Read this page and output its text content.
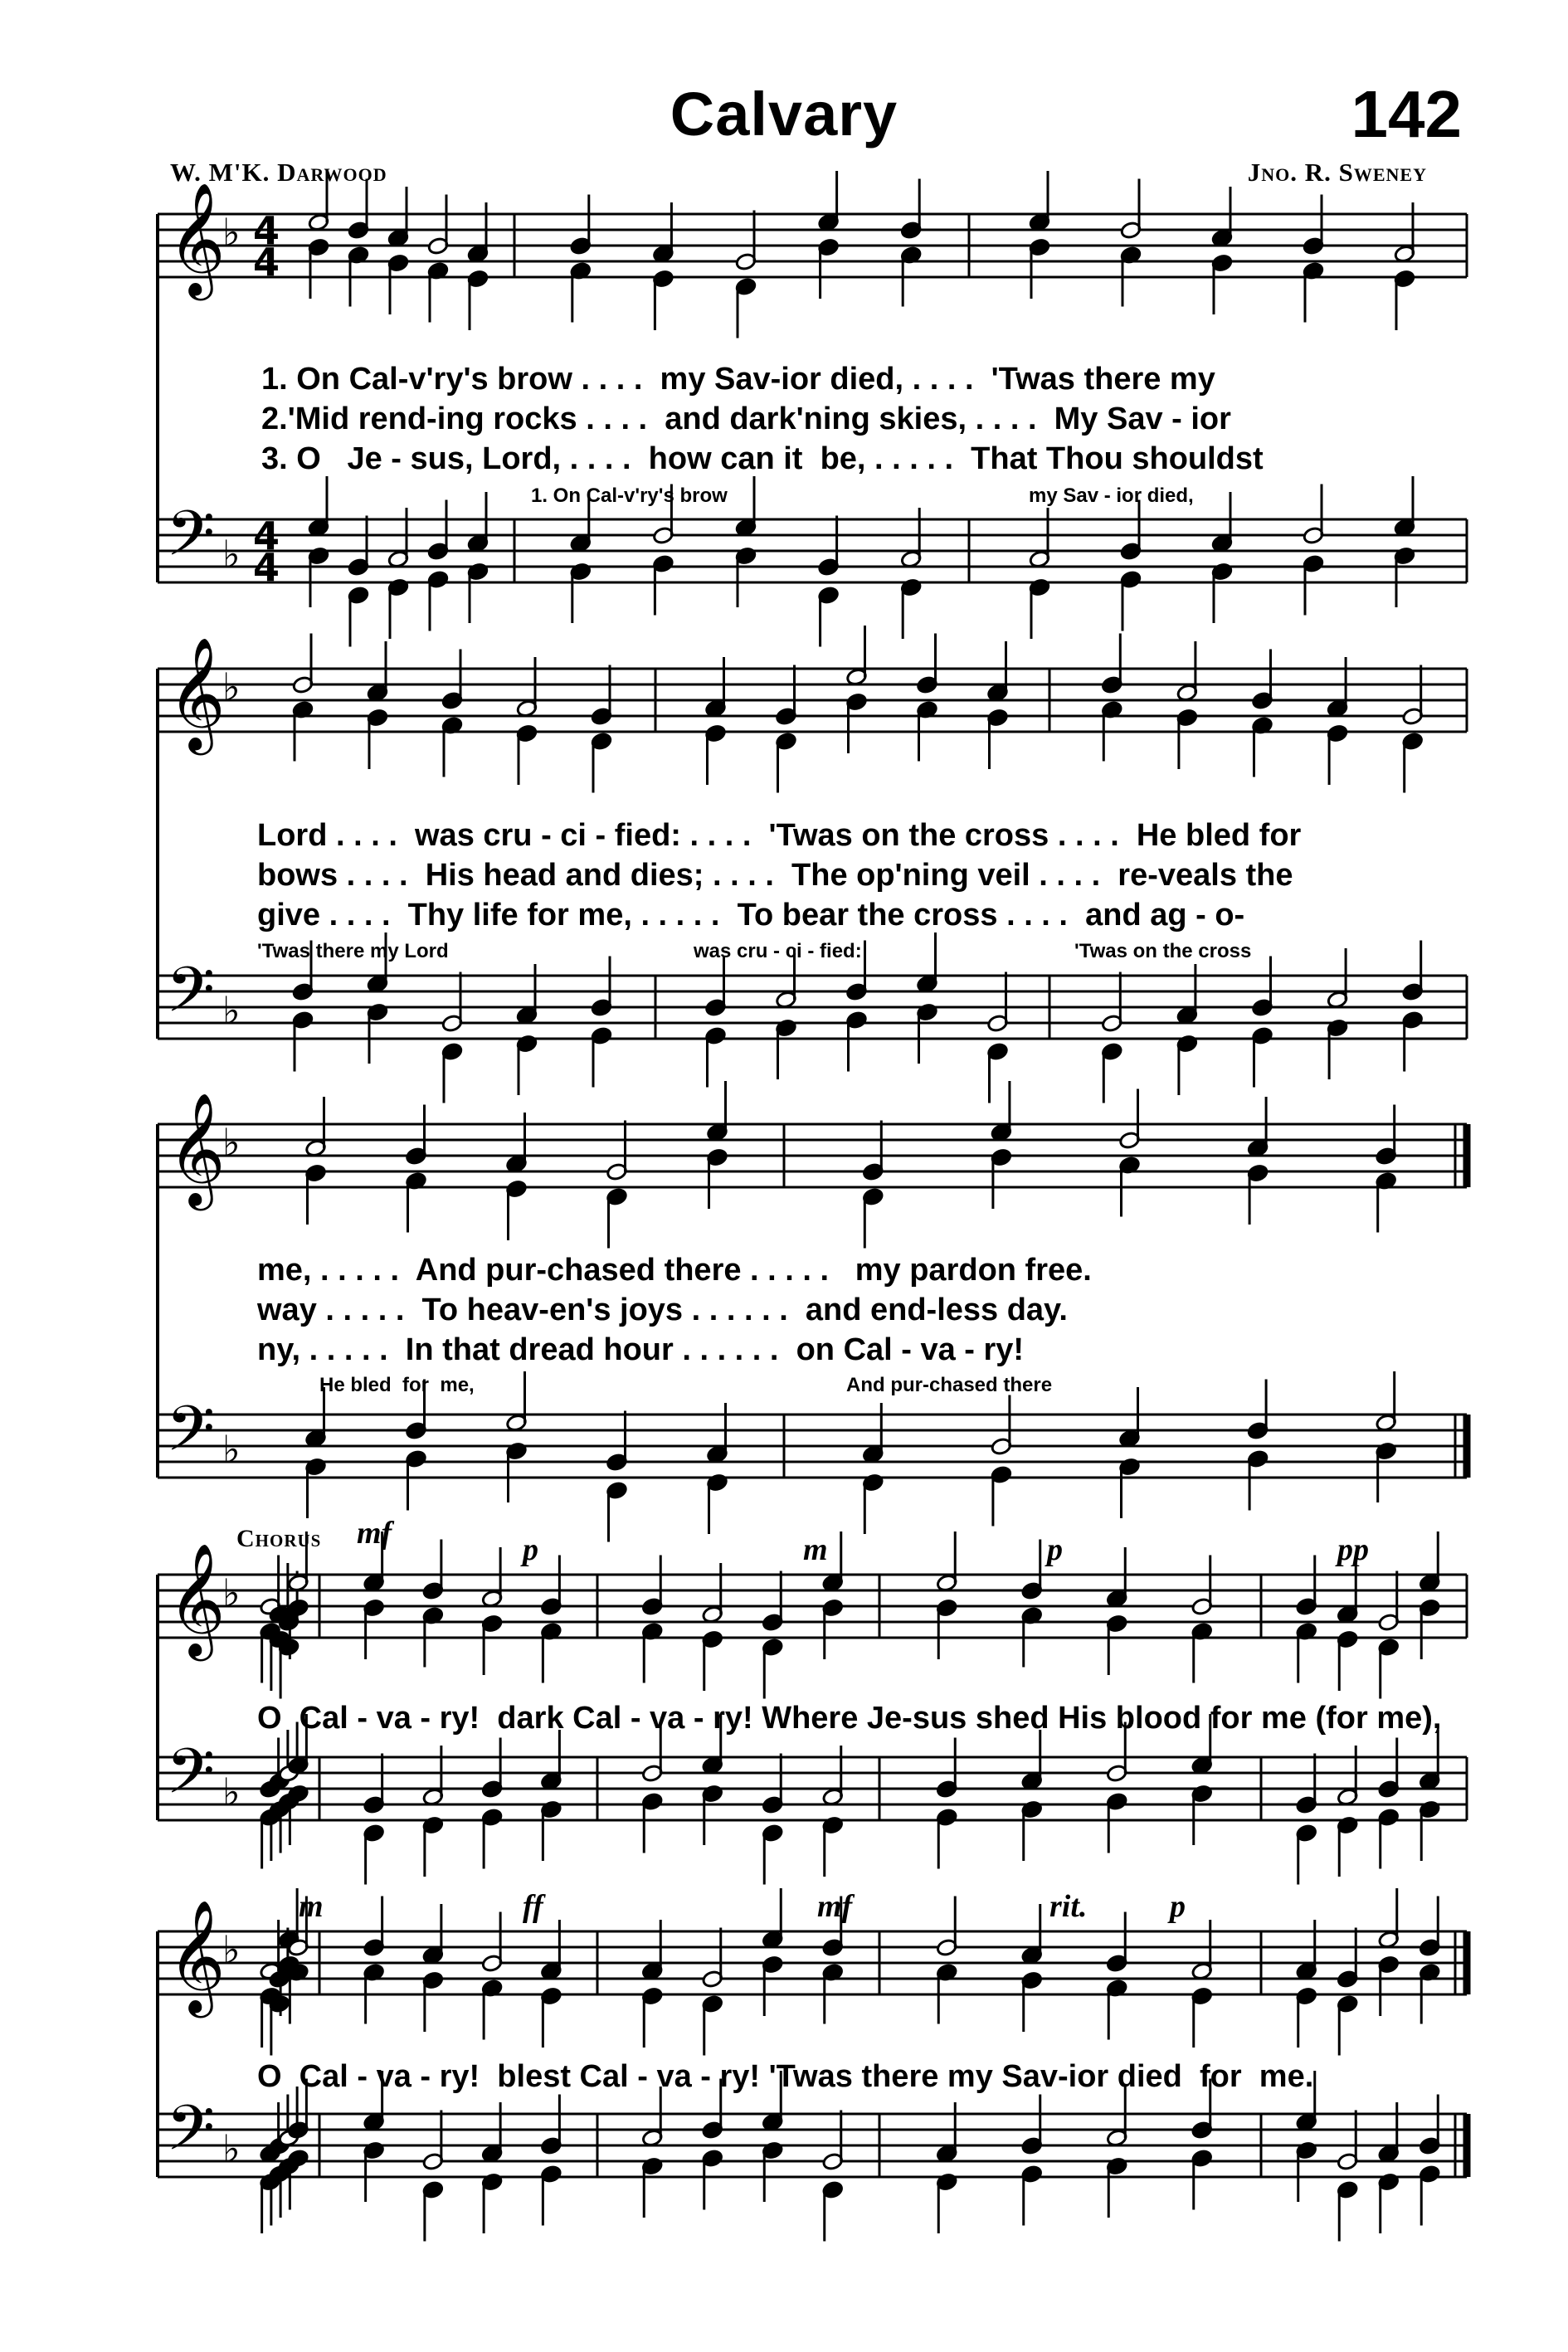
Calvary	142
W. M'K. Darwood	Jno. R. Sweney
𝄞
𝄢
♭
♭
4
4
4
4
𝄞
𝄢
♭
♭
𝄞
𝄢
♭
♭
𝄞
𝄢
♭
♭
𝄞
𝄢
♭
♭
1. On Cal-v'ry's brow . . . .  my Sav-ior died, . . . .  'Twas there my
2.'Mid rend-ing rocks . . . .  and dark'ning skies, . . . .  My Sav - ior
3. O   Je - sus, Lord, . . . .  how can it  be, . . . . .  That Thou shouldst
1. On Cal-v'ry's brow	my Sav - ior died,
Lord . . . .  was cru - ci - fied: . . . .  'Twas on the cross . . . .  He bled for
bows . . . .  His head and dies; . . . .  The op'ning veil . . . .  re-veals the
give . . . .  Thy life for me, . . . . .  To bear the cross . . . .  and ag - o-
'Twas there my Lord	was cru - ci - fied:	'Twas on the cross
me, . . . . .  And pur-chased there . . . . .   my pardon free.
way . . . . .  To heav-en's joys . . . . . .  and end-less day.
ny, . . . . .  In that dread hour . . . . . .  on Cal - va - ry!
He bled  for  me,	And pur-chased there
Chorus mf	p	m	p	pp
O  Cal - va - ry!  dark Cal - va - ry! Where Je-sus shed His blood for me (for me),
m	ff	mf	rit.	p
O  Cal - va - ry!  blest Cal - va - ry! 'Twas there my Sav-ior died  for  me.
